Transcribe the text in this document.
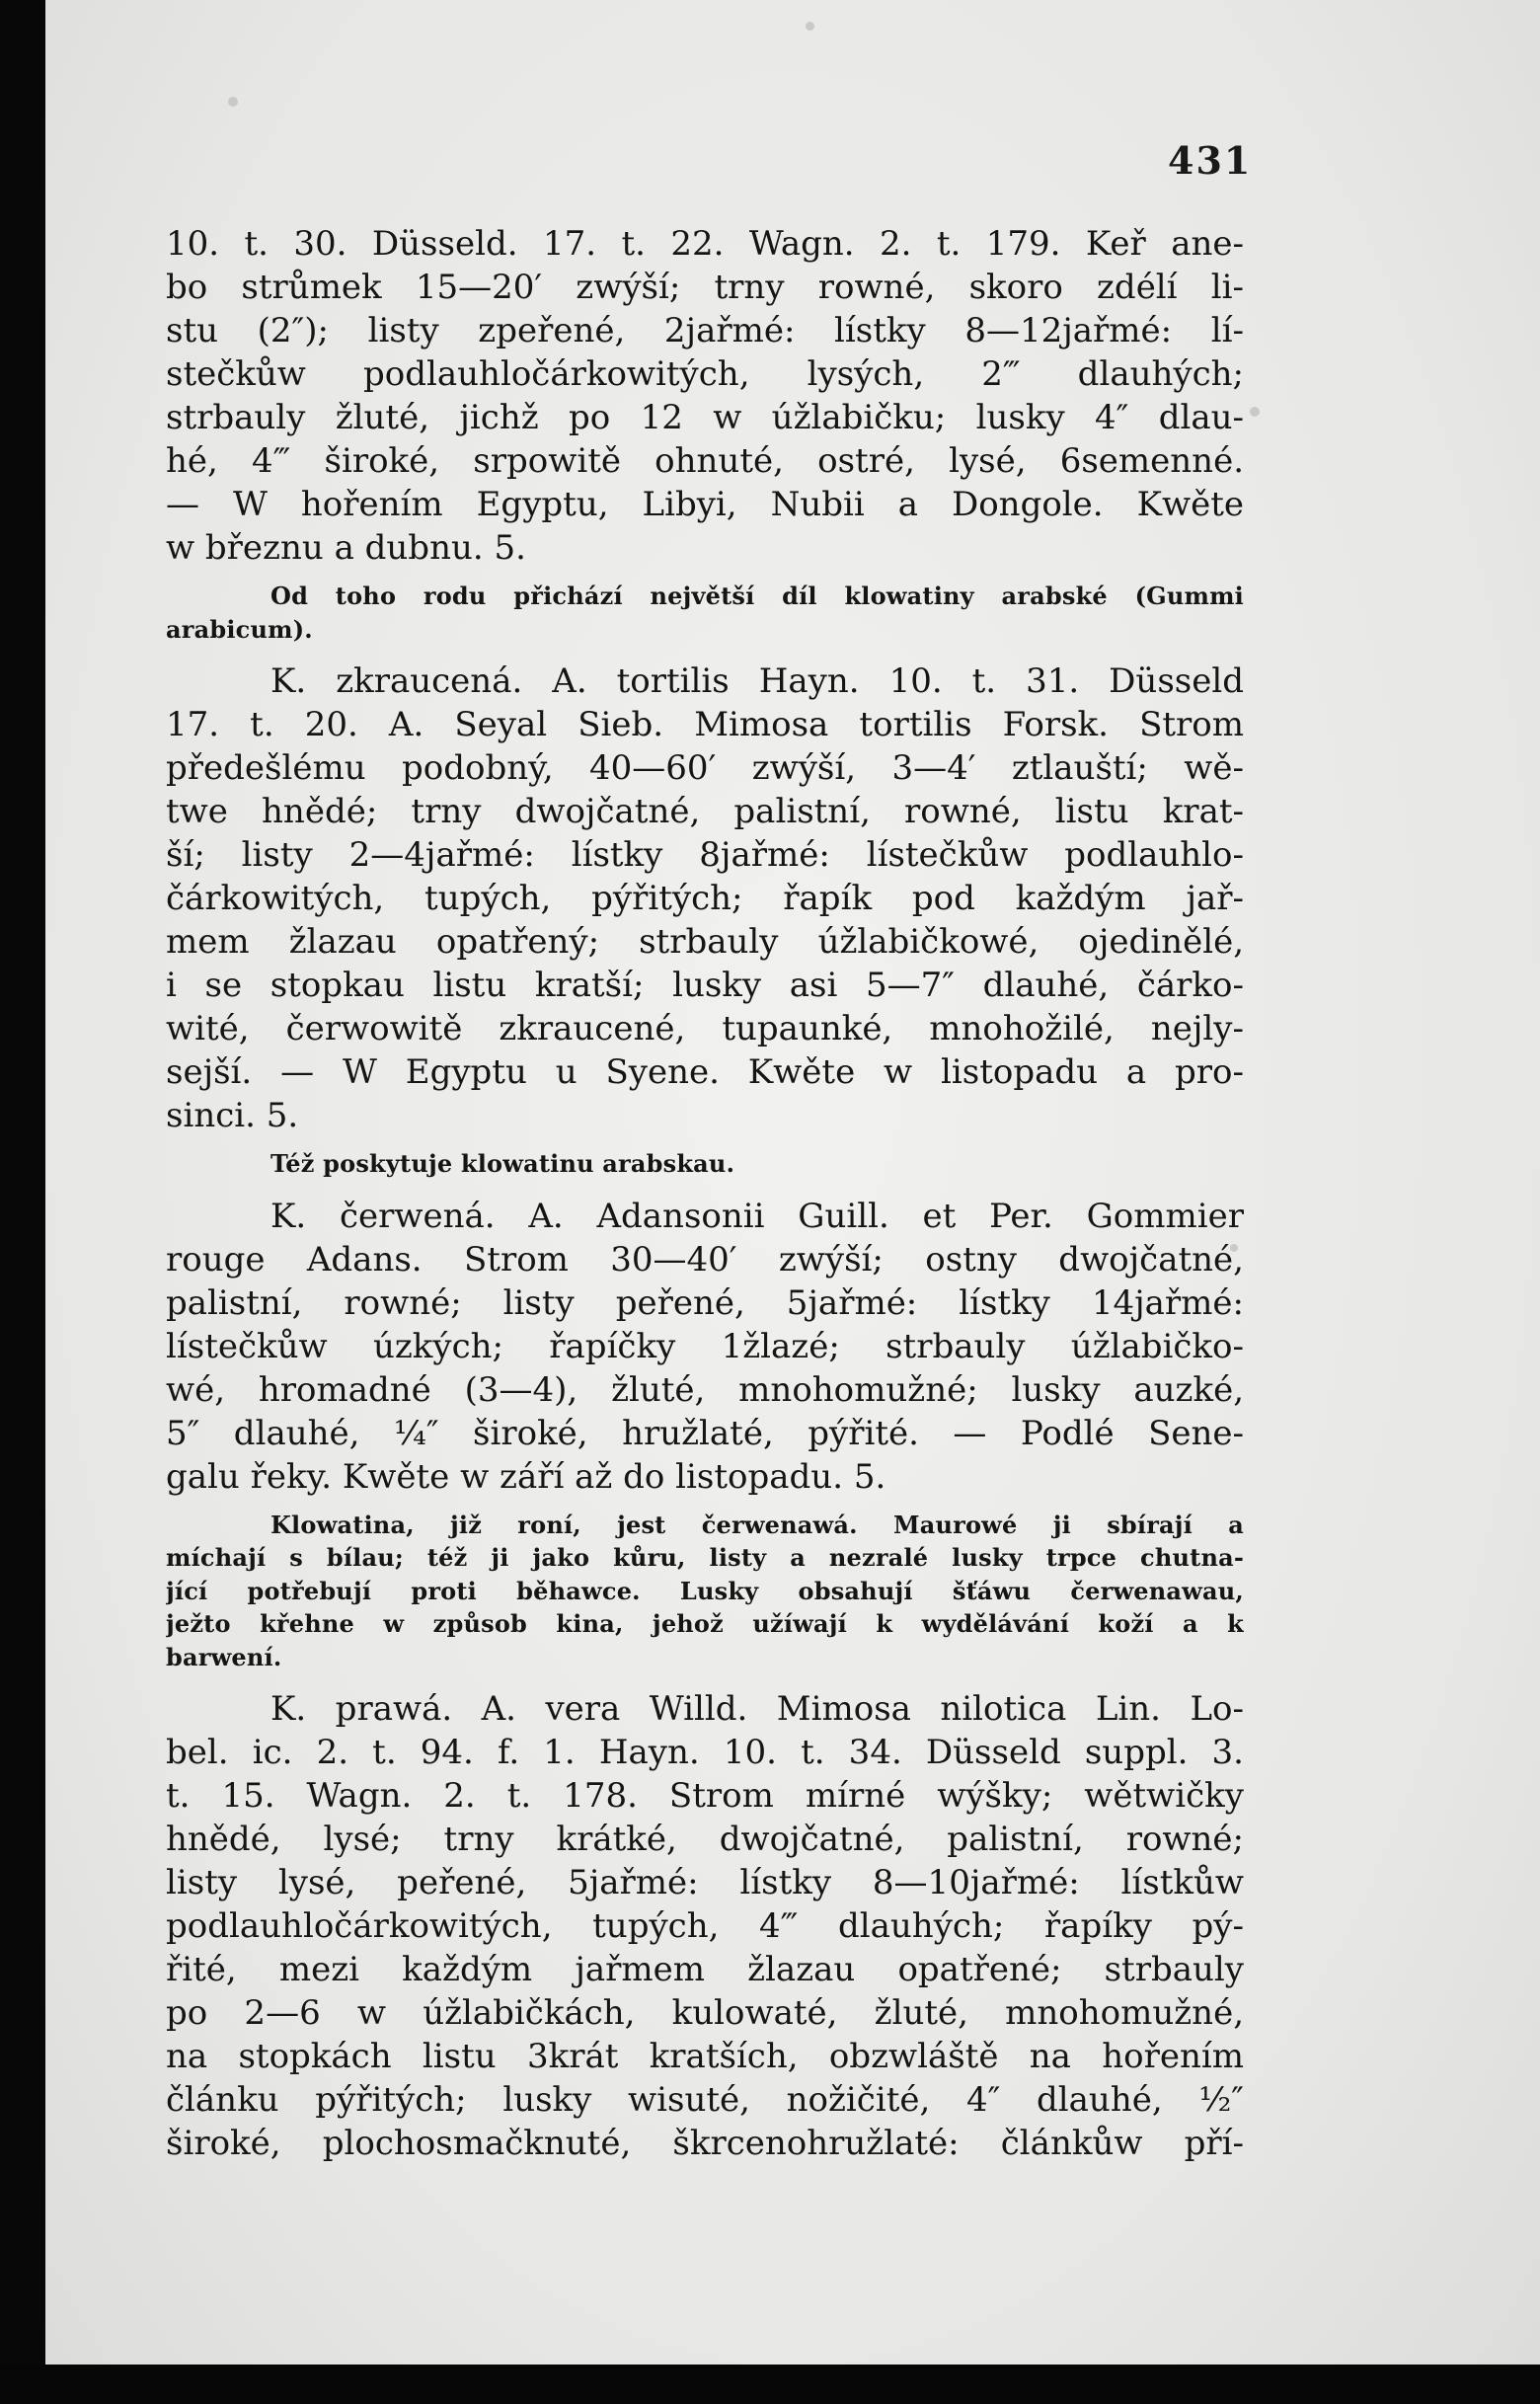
431
10. t. 30. Düsseld. 17. t. 22. Wagn. 2. t. 179. Keř ane-
bo strůmek 15—20′ zwýší; trny rowné, skoro zdélí li-
stu (2″); listy zpeřené, 2jařmé: lístky 8—12jařmé: lí-
stečkůw podlauhločárkowitých, lysých, 2‴ dlauhých;
strbauly žluté, jichž po 12 w úžlabičku; lusky 4″ dlau-
hé, 4‴ široké, srpowitě ohnuté, ostré, lysé, 6semenné.
— W hořením Egyptu, Libyi, Nubii a Dongole. Kwěte
w březnu a dubnu. 5.
Od toho rodu přichází největší díl klowatiny arabské (Gummi
arabicum).
K. zkraucená. A. tortilis Hayn. 10. t. 31. Düsseld
17. t. 20. A. Seyal Sieb. Mimosa tortilis Forsk. Strom
předešlému podobný, 40—60′ zwýší, 3—4′ ztlauští; wě-
twe hnědé; trny dwojčatné, palistní, rowné, listu krat-
ší; listy 2—4jařmé: lístky 8jařmé: lístečkůw podlauhlo-
čárkowitých, tupých, pýřitých; řapík pod každým jař-
mem žlazau opatřený; strbauly úžlabičkowé, ojedinělé,
i se stopkau listu kratší; lusky asi 5—7″ dlauhé, čárko-
wité, čerwowitě zkraucené, tupaunké, mnohožilé, nejly-
sejší. — W Egyptu u Syene. Kwěte w listopadu a pro-
sinci. 5.
Též poskytuje klowatinu arabskau.
K. čerwená. A. Adansonii Guill. et Per. Gommier
rouge Adans. Strom 30—40′ zwýší; ostny dwojčatné,
palistní, rowné; listy peřené, 5jařmé: lístky 14jařmé:
lístečkůw úzkých; řapíčky 1žlazé; strbauly úžlabičko-
wé, hromadné (3—4), žluté, mnohomužné; lusky auzké,
5″ dlauhé, ¼″ široké, hružlaté, pýřité. — Podlé Sene-
galu řeky. Kwěte w září až do listopadu. 5.
Klowatina, již roní, jest čerwenawá. Maurowé ji sbírají a
míchají s bílau; též ji jako kůru, listy a nezralé lusky trpce chutna-
jící potřebují proti běhawce. Lusky obsahují šťáwu čerwenawau,
ježto křehne w způsob kina, jehož užíwají k wydělávání koží a k
barwení.
K. prawá. A. vera Willd. Mimosa nilotica Lin. Lo-
bel. ic. 2. t. 94. f. 1. Hayn. 10. t. 34. Düsseld suppl. 3.
t. 15. Wagn. 2. t. 178. Strom mírné wýšky; wětwičky
hnědé, lysé; trny krátké, dwojčatné, palistní, rowné;
listy lysé, peřené, 5jařmé: lístky 8—10jařmé: lístkůw
podlauhločárkowitých, tupých, 4‴ dlauhých; řapíky pý-
řité, mezi každým jařmem žlazau opatřené; strbauly
po 2—6 w úžlabičkách, kulowaté, žluté, mnohomužné,
na stopkách listu 3krát kratších, obzwláště na hořením
článku pýřitých; lusky wisuté, nožičité, 4″ dlauhé, ½″
široké, plochosmačknuté, škrcenohružlaté: článkůw pří-
